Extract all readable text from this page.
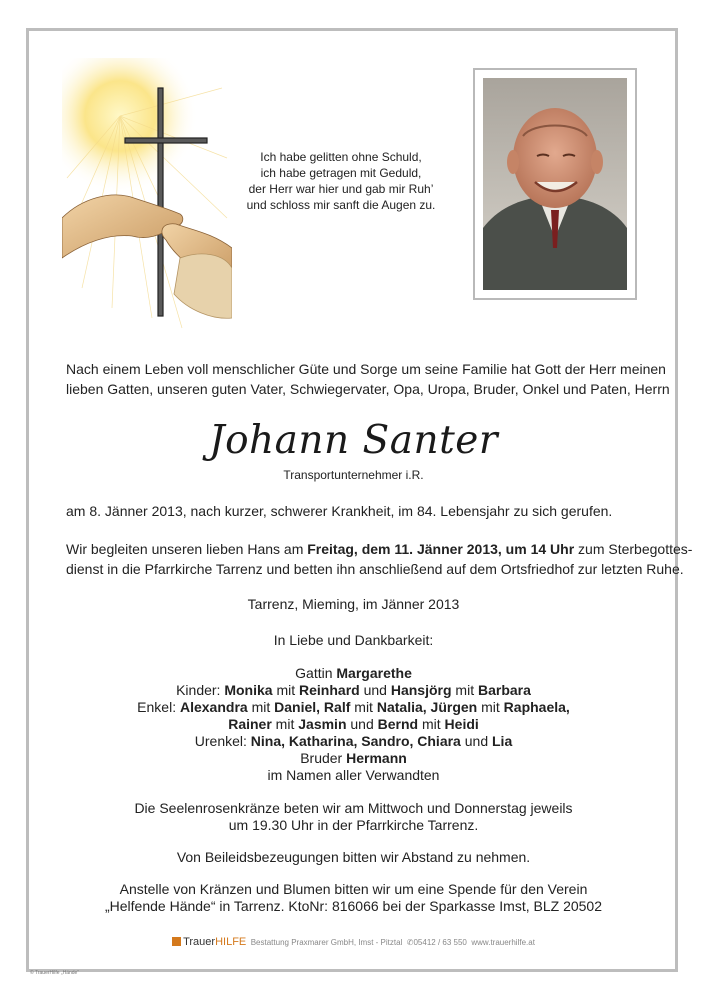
Ich habe gelitten ohne Schuld,
ich habe getragen mit Geduld,
der Herr war hier und gab mir Ruh’
und schloss mir sanft die Augen zu.
Nach einem Leben voll menschlicher Güte und Sorge um seine Familie hat Gott der Herr meinen
lieben Gatten, unseren guten Vater, Schwiegervater, Opa, Uropa, Bruder, Onkel und Paten, Herrn
Johann Santer
Transportunternehmer i.R.
am 8. Jänner 2013, nach kurzer, schwerer Krankheit, im 84. Lebensjahr zu sich gerufen.
Wir begleiten unseren lieben Hans am Freitag, dem 11. Jänner 2013, um 14 Uhr zum Sterbegottes-
dienst in die Pfarrkirche Tarrenz und betten ihn anschließend auf dem Ortsfriedhof zur letzten Ruhe.
Tarrenz, Mieming, im Jänner 2013
In Liebe und Dankbarkeit:
Gattin Margarethe
Kinder: Monika mit Reinhard und Hansjörg mit Barbara
Enkel: Alexandra mit Daniel, Ralf mit Natalia, Jürgen mit Raphaela,
Rainer mit Jasmin und Bernd mit Heidi
Urenkel: Nina, Katharina, Sandro, Chiara und Lia
Bruder Hermann
im Namen aller Verwandten
Die Seelenrosenkränze beten wir am Mittwoch und Donnerstag jeweils
um 19.30 Uhr in der Pfarrkirche Tarrenz.
Von Beileidsbezeugungen bitten wir Abstand zu nehmen.
Anstelle von Kränzen und Blumen bitten wir um eine Spende für den Verein
„Helfende Hände“ in Tarrenz. KtoNr: 816066 bei der Sparkasse Imst, BLZ 20502
TrauerHILFE Bestattung Praxmarer GmbH, Imst - Pitztal ✆05412 / 63 550 www.trauerhilfe.at
© TrauerHilfe „Hände“
